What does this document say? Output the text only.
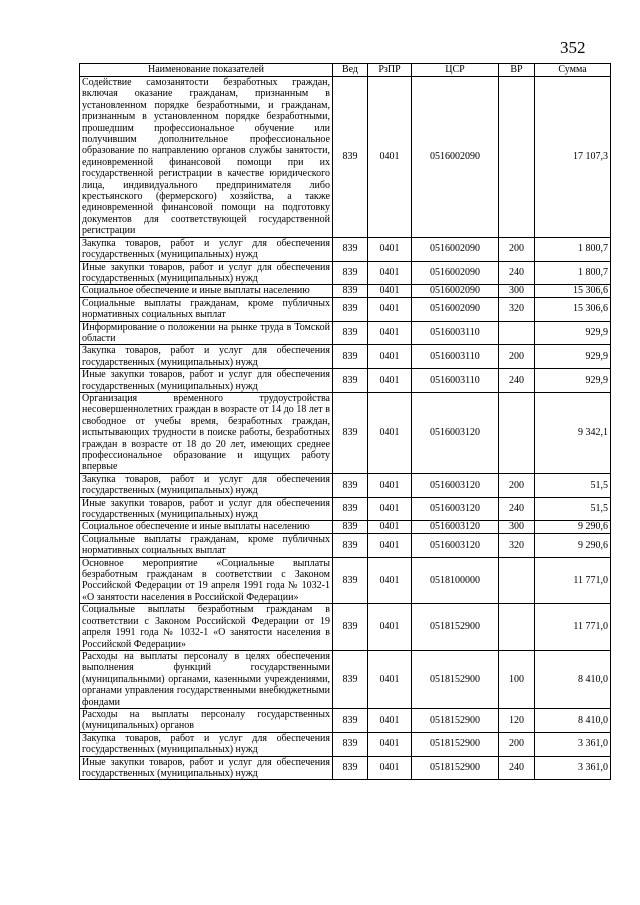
352
Наименование показателей	Вед	РзПР	ЦСР	ВР	Сумма
Содействие самозанятости безработных граждан, включая оказание гражданам, признанным в установленном порядке безработными, и гражданам, признанным в установленном порядке безработными, прошедшим профессиональное обучение или получившим дополнительное профессиональное образование по направлению органов службы занятости, единовременной финансовой помощи при их государственной регистрации в качестве юридического лица, индивидуального предпринимателя либо крестьянского (фермерского) хозяйства, а также единовременной финансовой помощи на подготовку документов для соответствующей государственной регистрации	839	0401	0516002090		17 107,3
Закупка товаров, работ и услуг для обеспечения государственных (муниципальных) нужд	839	0401	0516002090	200	1 800,7
Иные закупки товаров, работ и услуг для обеспечения государственных (муниципальных) нужд	839	0401	0516002090	240	1 800,7
Социальное обеспечение и иные выплаты населению	839	0401	0516002090	300	15 306,6
Социальные выплаты гражданам, кроме публичных нормативных социальных выплат	839	0401	0516002090	320	15 306,6
Информирование о положении на рынке труда в Томской области	839	0401	0516003110		929,9
Закупка товаров, работ и услуг для обеспечения государственных (муниципальных) нужд	839	0401	0516003110	200	929,9
Иные закупки товаров, работ и услуг для обеспечения государственных (муниципальных) нужд	839	0401	0516003110	240	929,9
Организация временного трудоустройства несовершеннолетних граждан в возрасте от 14 до 18 лет в свободное от учебы время, безработных граждан, испытывающих трудности в поиске работы, безработных граждан в возрасте от 18 до 20 лет, имеющих среднее профессиональное образование и ищущих работу впервые	839	0401	0516003120		9 342,1
Закупка товаров, работ и услуг для обеспечения государственных (муниципальных) нужд	839	0401	0516003120	200	51,5
Иные закупки товаров, работ и услуг для обеспечения государственных (муниципальных) нужд	839	0401	0516003120	240	51,5
Социальное обеспечение и иные выплаты населению	839	0401	0516003120	300	9 290,6
Социальные выплаты гражданам, кроме публичных нормативных социальных выплат	839	0401	0516003120	320	9 290,6
Основное мероприятие «Социальные выплаты безработным гражданам в соответствии с Законом Российской Федерации от 19 апреля 1991 года № 1032-1 «О занятости населения в Российской Федерации»	839	0401	0518100000		11 771,0
Социальные выплаты безработным гражданам в соответствии с Законом Российской Федерации от 19 апреля 1991 года № 1032-1 «О занятости населения в Российской Федерации»	839	0401	0518152900		11 771,0
Расходы на выплаты персоналу в целях обеспечения выполнения функций государственными (муниципальными) органами, казенными учреждениями, органами управления государственными внебюджетными фондами	839	0401	0518152900	100	8 410,0
Расходы на выплаты персоналу государственных (муниципальных) органов	839	0401	0518152900	120	8 410,0
Закупка товаров, работ и услуг для обеспечения государственных (муниципальных) нужд	839	0401	0518152900	200	3 361,0
Иные закупки товаров, работ и услуг для обеспечения государственных (муниципальных) нужд	839	0401	0518152900	240	3 361,0
